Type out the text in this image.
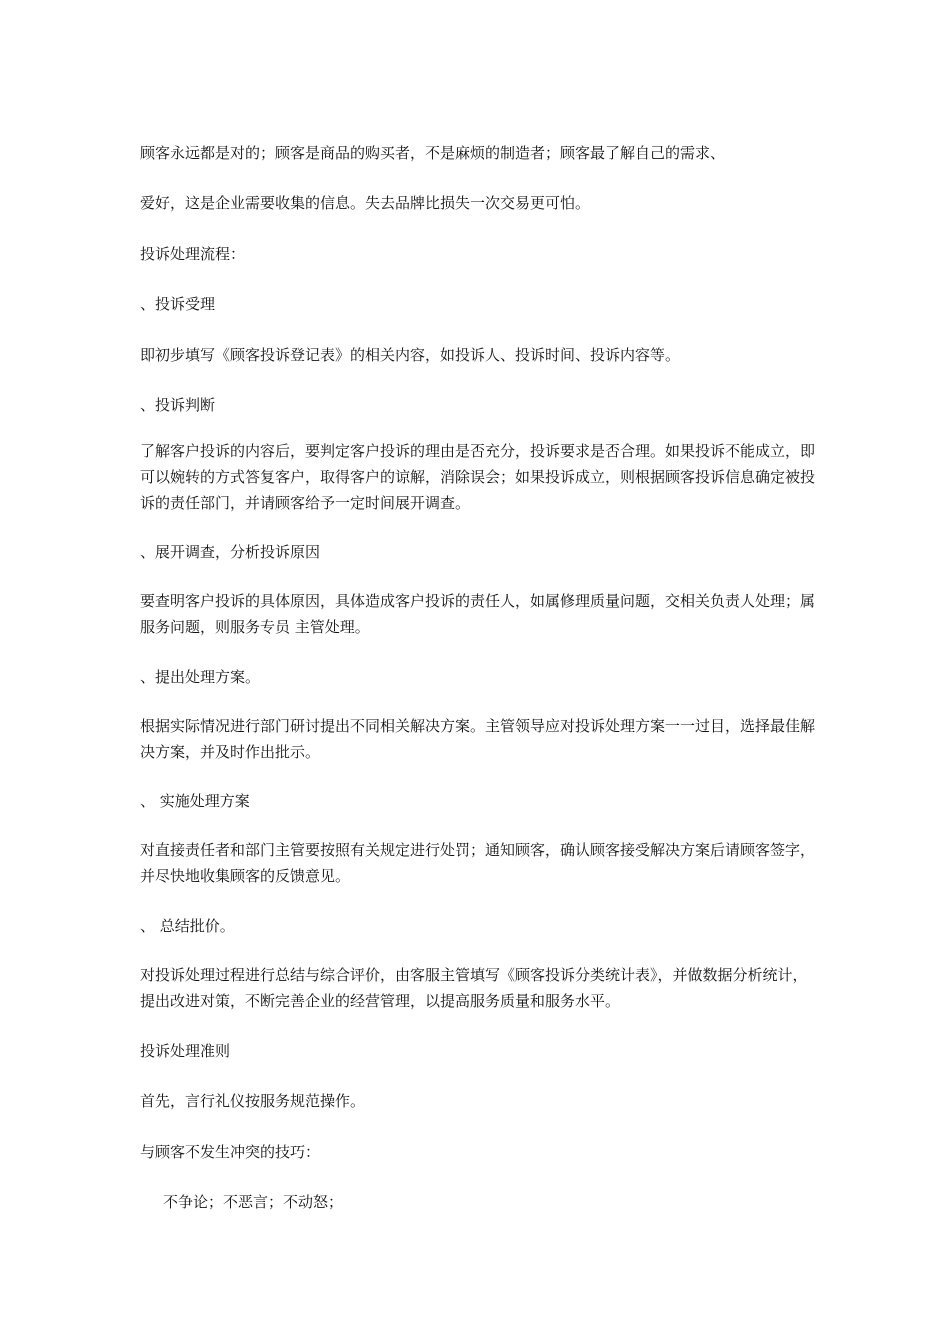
顾客永远都是对的；顾客是商品的购买者，不是麻烦的制造者；顾客最了解自己的需求、
爱好，这是企业需要收集的信息。失去品牌比损失一次交易更可怕。
投诉处理流程：
、投诉受理
即初步填写《顾客投诉登记表》的相关内容，如投诉人、投诉时间、投诉内容等。
、投诉判断
了解客户投诉的内容后，要判定客户投诉的理由是否充分，投诉要求是否合理。如果投诉不能成立，即可以婉转的方式答复客户，取得客户的谅解，消除误会；如果投诉成立，则根据顾客投诉信息确定被投诉的责任部门，并请顾客给予一定时间展开调查。
、展开调查，分析投诉原因
要查明客户投诉的具体原因，具体造成客户投诉的责任人，如属修理质量问题，交相关负责人处理；属服务问题，则服务专员 主管处理。
、提出处理方案。
根据实际情况进行部门研讨提出不同相关解决方案。主管领导应对投诉处理方案一一过目，选择最佳解决方案，并及时作出批示。
、 实施处理方案
对直接责任者和部门主管要按照有关规定进行处罚；通知顾客，确认顾客接受解决方案后请顾客签字，并尽快地收集顾客的反馈意见。
、 总结批价。
对投诉处理过程进行总结与综合评价，由客服主管填写《顾客投诉分类统计表》，并做数据分析统计，提出改进对策，不断完善企业的经营管理，以提高服务质量和服务水平。
投诉处理准则
首先，言行礼仪按服务规范操作。
与顾客不发生冲突的技巧：
不争论；不恶言；不动怒；
